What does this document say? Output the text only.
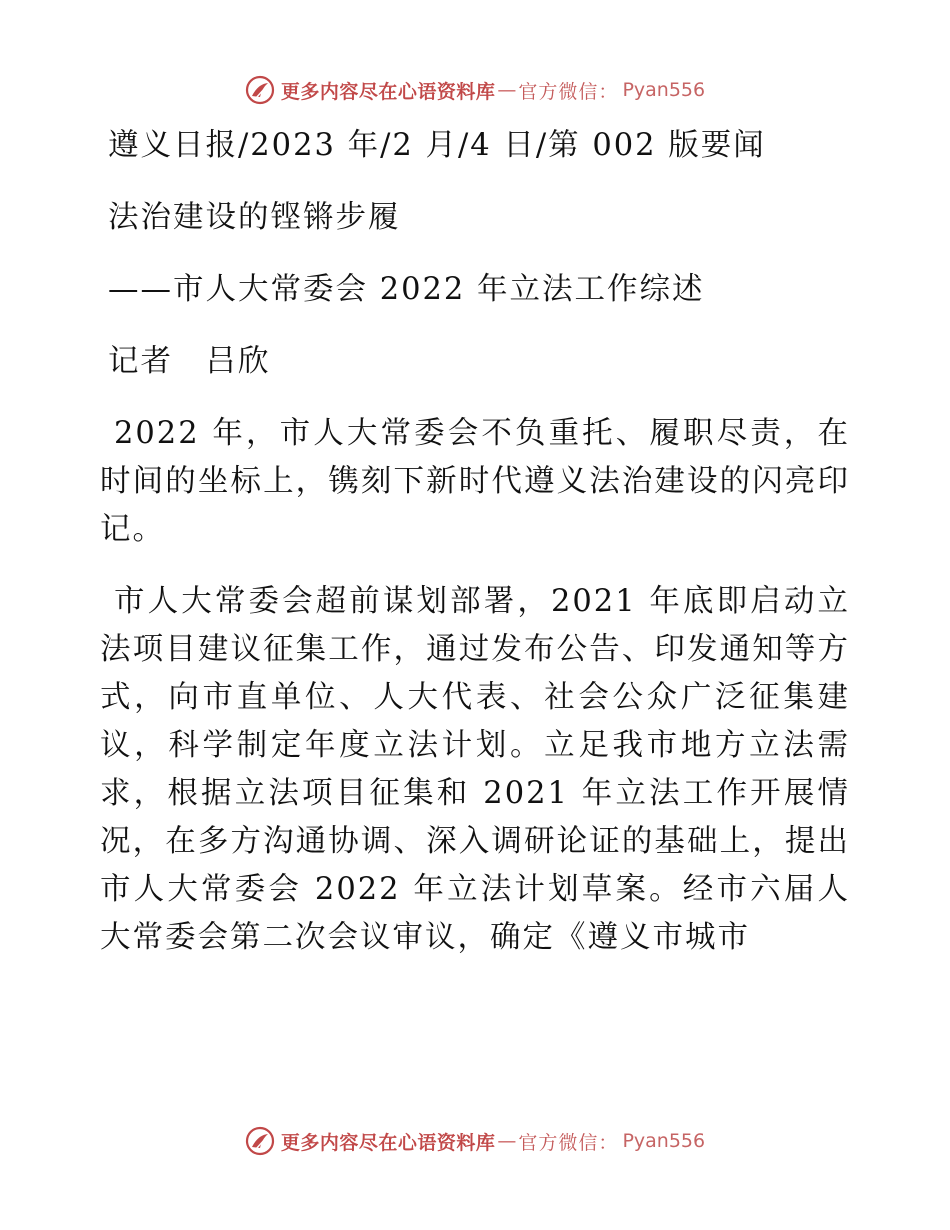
更多内容尽在心语资料库 — 官方微信： Pyan556
遵义日报/2023 年/2 月/4 日/第 002 版要闻
法治建设的铿锵步履
——市人大常委会 2022 年立法工作综述
记者　吕欣

2022 年，市人大常委会不负重托、履职尽责，在时间的坐标上，镌刻下新时代遵义法治建设的闪亮印记。

市人大常委会超前谋划部署，2021 年底即启动立法项目建议征集工作，通过发布公告、印发通知等方式，向市直单位、人大代表、社会公众广泛征集建议，科学制定年度立法计划。立足我市地方立法需求，根据立法项目征集和 2021 年立法工作开展情况，在多方沟通协调、深入调研论证的基础上，提出市人大常委会 2022 年立法计划草案。经市六届人大常委会第二次会议审议，确定《遵义市城市

更多内容尽在心语资料库 — 官方微信： Pyan556
